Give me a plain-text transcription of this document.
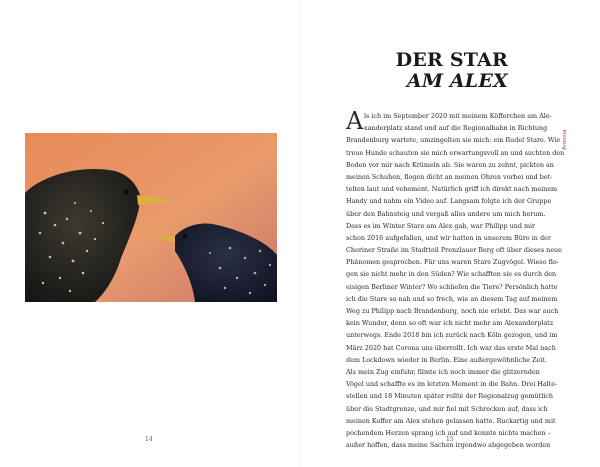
14
DER STAR
AM ALEX
Antonia
A ls ich im September 2020 mit meinem Köfferchen am Ale-
xanderplatz stand und auf die Regionalbahn in Richtung
Brandenburg wartete, umzingelten sie mich: ein Rudel Stare. Wie
treue Hunde schauten sie mich erwartungsvoll an und suchten den
Boden vor mir nach Krümeln ab. Sie waren zu zehnt, pickten an
meinen Schuhen, flogen dicht an meinen Ohren vorbei und bet-
telten laut und vehement. Natürlich griff ich direkt nach meinem
Handy und nahm ein Video auf. Langsam folgte ich der Gruppe
über den Bahnsteig und vergaß alles andere um mich herum.
Dass es im Winter Stare am Alex gab, war Philipp und mir
schon 2016 aufgefallen, und wir hatten in unserem Büro in der
Choriner Straße im Stadtteil Prenzlauer Berg oft über dieses neue
Phänomen gesprochen. Für uns waren Stare Zugvögel. Wieso flo-
gen sie nicht mehr in den Süden? Wie schafften sie es durch den
eisigen Berliner Winter? Wo schliefen die Tiere? Persönlich hatte
ich die Stare so nah und so frech, wie an diesem Tag auf meinem
Weg zu Philipp nach Brandenburg, noch nie erlebt. Das war auch
kein Wunder, denn so oft war ich nicht mehr am Alexanderplatz
unterwegs. Ende 2018 bin ich zurück nach Köln gezogen, und im
März 2020 hat Corona uns überrollt. Ich war das erste Mal nach
dem Lockdown wieder in Berlin. Eine außergewöhnliche Zeit.
Als mein Zug einfuhr, filmte ich noch immer die glitzernden
Vögel und schaffte es im letzten Moment in die Bahn. Drei Halte-
stellen und 18 Minuten später rollte der Regionalzug gemütlich
über die Stadtgrenze, und mir fiel mit Schrecken auf, dass ich
meinen Koffer am Alex stehen gelassen hatte. Ruckartig und mit
pochendem Herzen sprang ich auf und konnte nichts machen –
außer hoffen, dass meine Sachen irgendwo abgegeben worden
15
